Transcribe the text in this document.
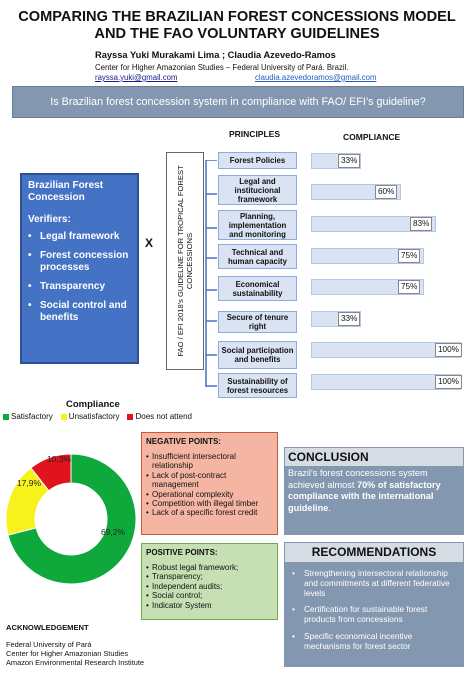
COMPARING THE BRAZILIAN FOREST CONCESSIONS MODEL
AND THE FAO VOLUNTARY GUIDELINES
Rayssa Yuki Murakami Lima ; Claudia Azevedo-Ramos
Center for Higher Amazonian Studies – Federal University of Pará. Brazil.
rayssa.yuki@gmail.com	claudia.azevedoramos@gmail.com
Is Brazilian forest concession system in compliance with FAO/ EFI’s guideline?
Brazilian Forest Concession
Verifiers:
• Legal framework
• Forest concession processes
• Transparency
• Social control and benefits
X	FAO / EFI 2018's GUIDELINE FOR TROPICAL FOREST CONCESSIONS
PRINCIPLES	COMPLIANCE
Forest Policies	33%
Legal and institucional framework
60%
Planning, implementation and monitoring
83%
Technical and human capacity
75%
Economical sustainability
75%
Secure of tenure right
33%
Social participation and benefits
100%
Sustainability of forest resources
100%
Compliance
Satisfactory Unsatisfactory Does not attend
69,2%
17,9%
10,3%
NEGATIVE POINTS:
• Insufficient intersectoral relationship
• Lack of post-contract management
• Operational complexity
• Competition with illegal timber
• Lack of a specific forest credit
POSITIVE POINTS:
• Robust legal framework;
• Transparency;
• Independent audits;
• Social control;
• Indicator System
CONCLUSION
Brazil's forest concessions system achieved almost 70% of satisfactory compliance with the international guideline.
RECOMMENDATIONS
• Strengthening intersectoral relationship and commitments at different federative levels
• Certification for sustainable forest products from concessions
• Specific economical incentive mechanisms for forest sector
ACKNOWLEDGEMENT
Federal University of Pará
Center for Higher Amazonian Studies
Amazon Environmental Research Institute
